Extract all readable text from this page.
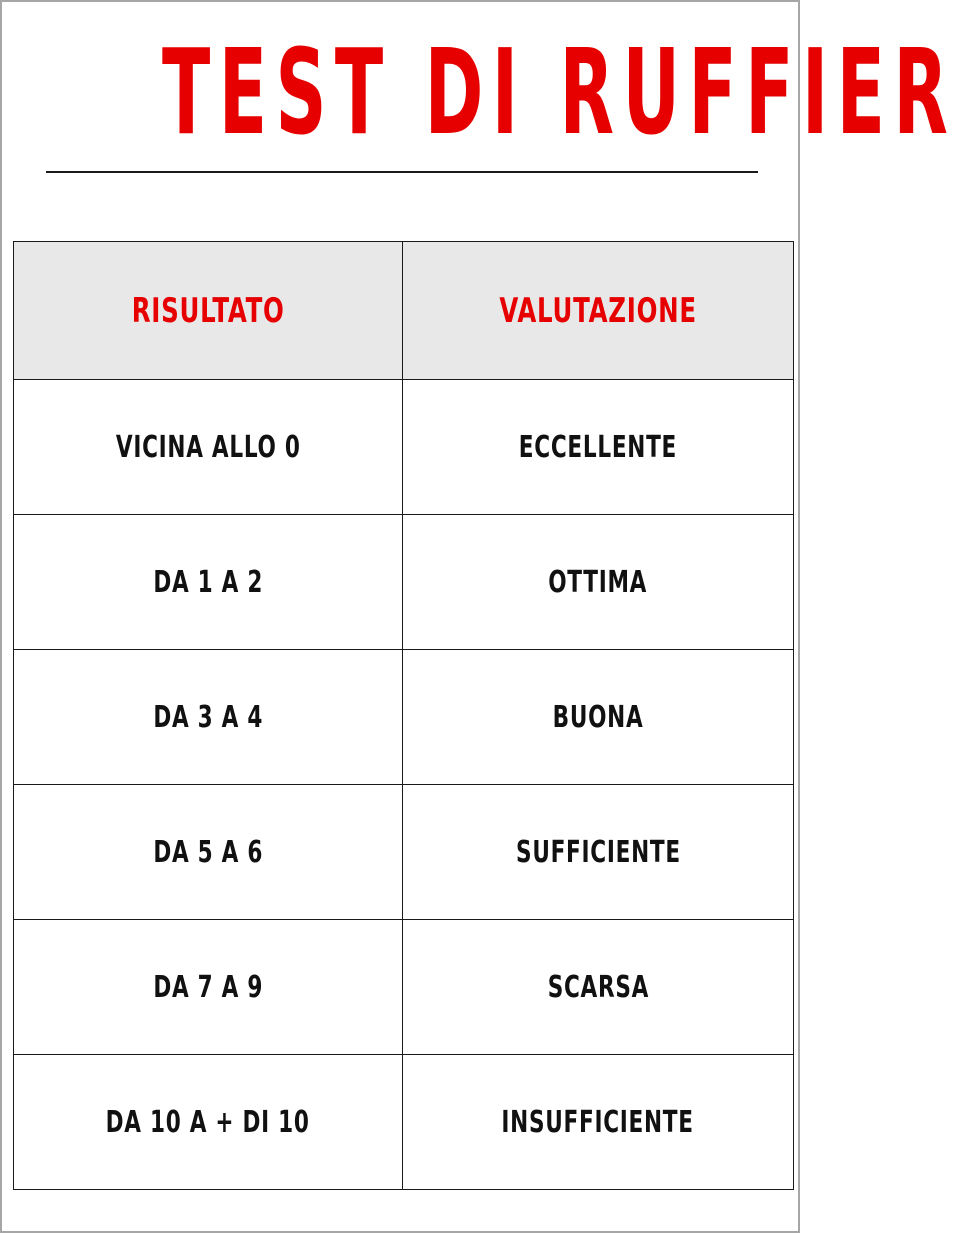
TEST DI RUFFIER
RISULTATO	VALUTAZIONE
VICINA ALLO 0	ECCELLENTE
DA 1 A 2	OTTIMA
DA 3 A 4	BUONA
DA 5 A 6	SUFFICIENTE
DA 7 A 9	SCARSA
DA 10 A + DI 10	INSUFFICIENTE
